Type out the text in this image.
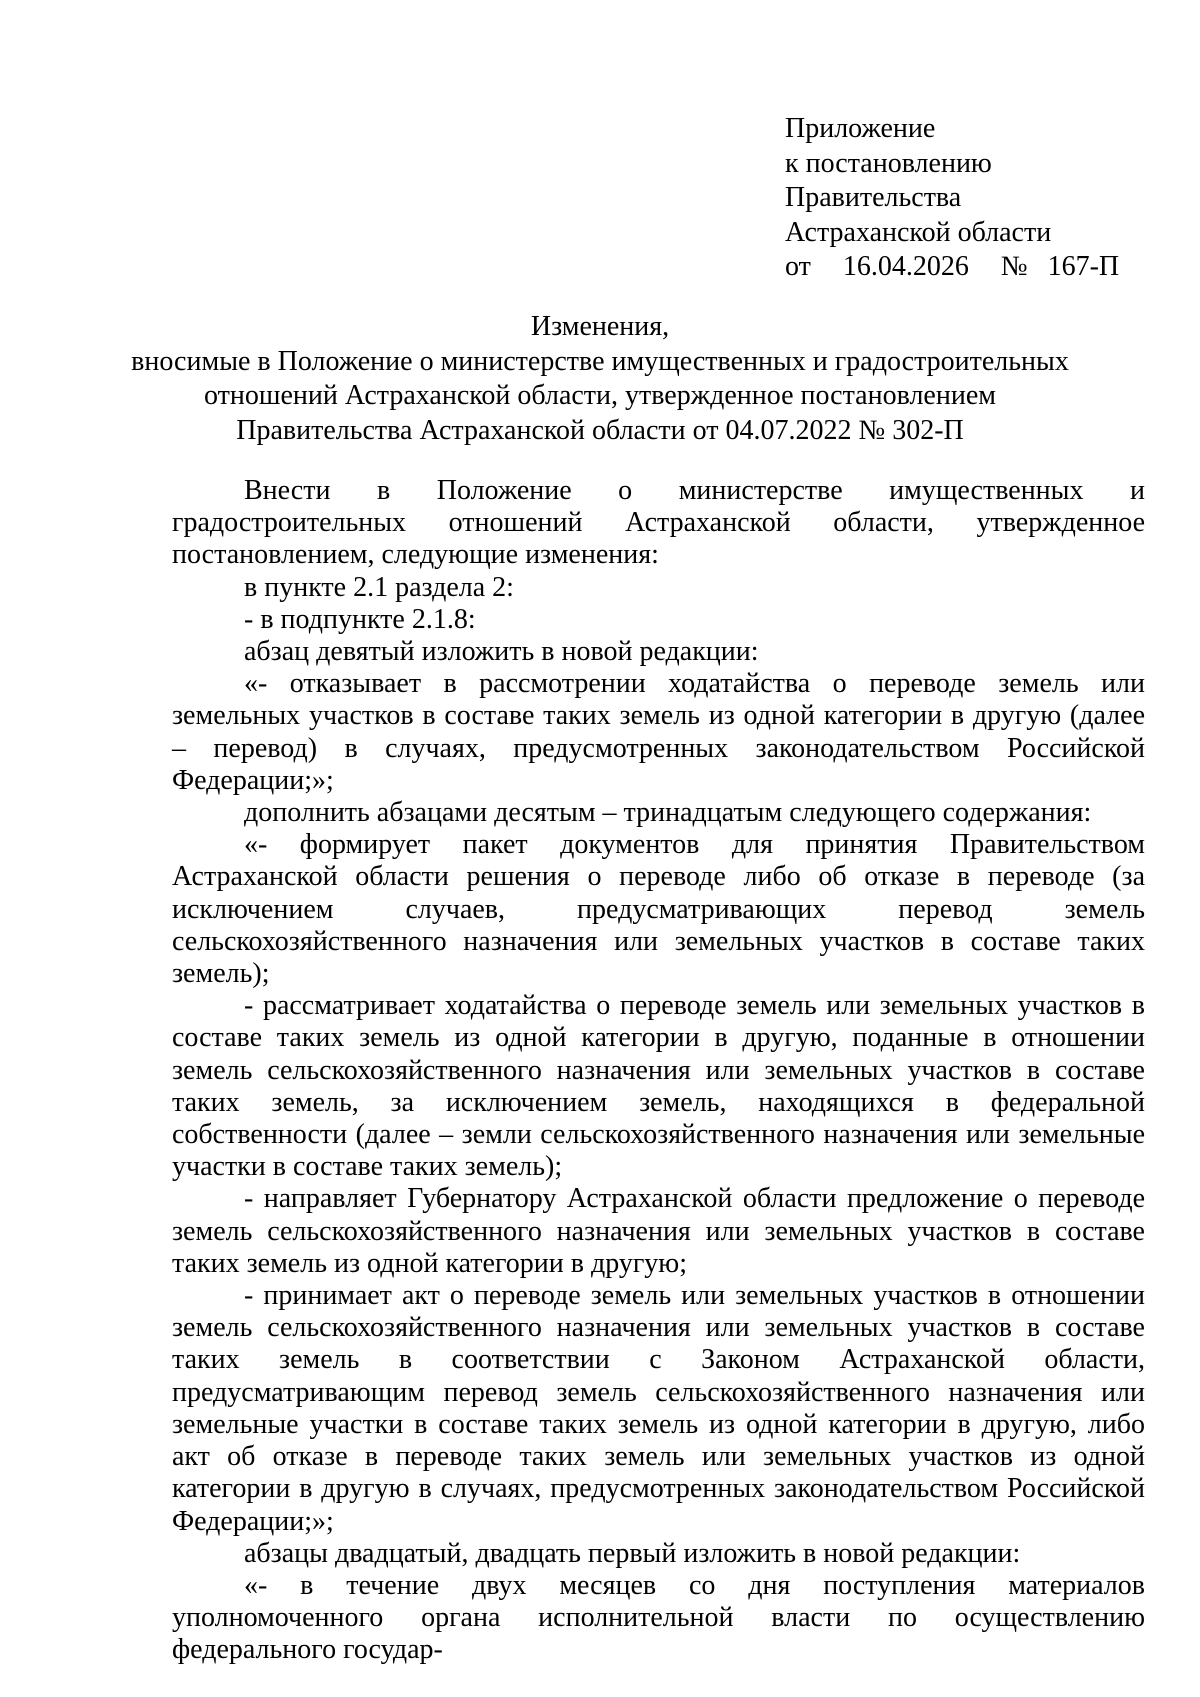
Приложение
к постановлению
Правительства
Астраханской области
от 16.04.2026 № 167-П
Изменения,
вносимые в Положение о министерстве имущественных и градостроительных
отношений Астраханской области, утвержденное постановлением
Правительства Астраханской области от 04.07.2022 № 302-П

Внести в Положение о министерстве имущественных и градостроительных отношений Астраханской области, утвержденное постановлением, следующие изменения:

в пункте 2.1 раздела 2:

- в подпункте 2.1.8:

абзац девятый изложить в новой редакции:

«- отказывает в рассмотрении ходатайства о переводе земель или земельных участков в составе таких земель из одной категории в другую (далее – перевод) в случаях, предусмотренных законодательством Российской Федерации;»;

дополнить абзацами десятым – тринадцатым следующего содержания:

«- формирует пакет документов для принятия Правительством Астраханской области решения о переводе либо об отказе в переводе (за исключением случаев, предусматривающих перевод земель сельскохозяйственного назначения или земельных участков в составе таких земель);

- рассматривает ходатайства о переводе земель или земельных участков в составе таких земель из одной категории в другую, поданные в отношении земель сельскохозяйственного назначения или земельных участков в составе таких земель, за исключением земель, находящихся в федеральной собственности (далее – земли сельскохозяйственного назначения или земельные участки в составе таких земель);

- направляет Губернатору Астраханской области предложение о переводе земель сельскохозяйственного назначения или земельных участков в составе таких земель из одной категории в другую;

- принимает акт о переводе земель или земельных участков в отношении земель сельскохозяйственного назначения или земельных участков в составе таких земель в соответствии с Законом Астраханской области, предусматривающим перевод земель сельскохозяйственного назначения или земельные участки в составе таких земель из одной категории в другую, либо акт об отказе в переводе таких земель или земельных участков из одной категории в другую в случаях, предусмотренных законодательством Российской Федерации;»;

абзацы двадцатый, двадцать первый изложить в новой редакции:

«- в течение двух месяцев со дня поступления материалов уполномоченного органа исполнительной власти по осуществлению федерального государ-
